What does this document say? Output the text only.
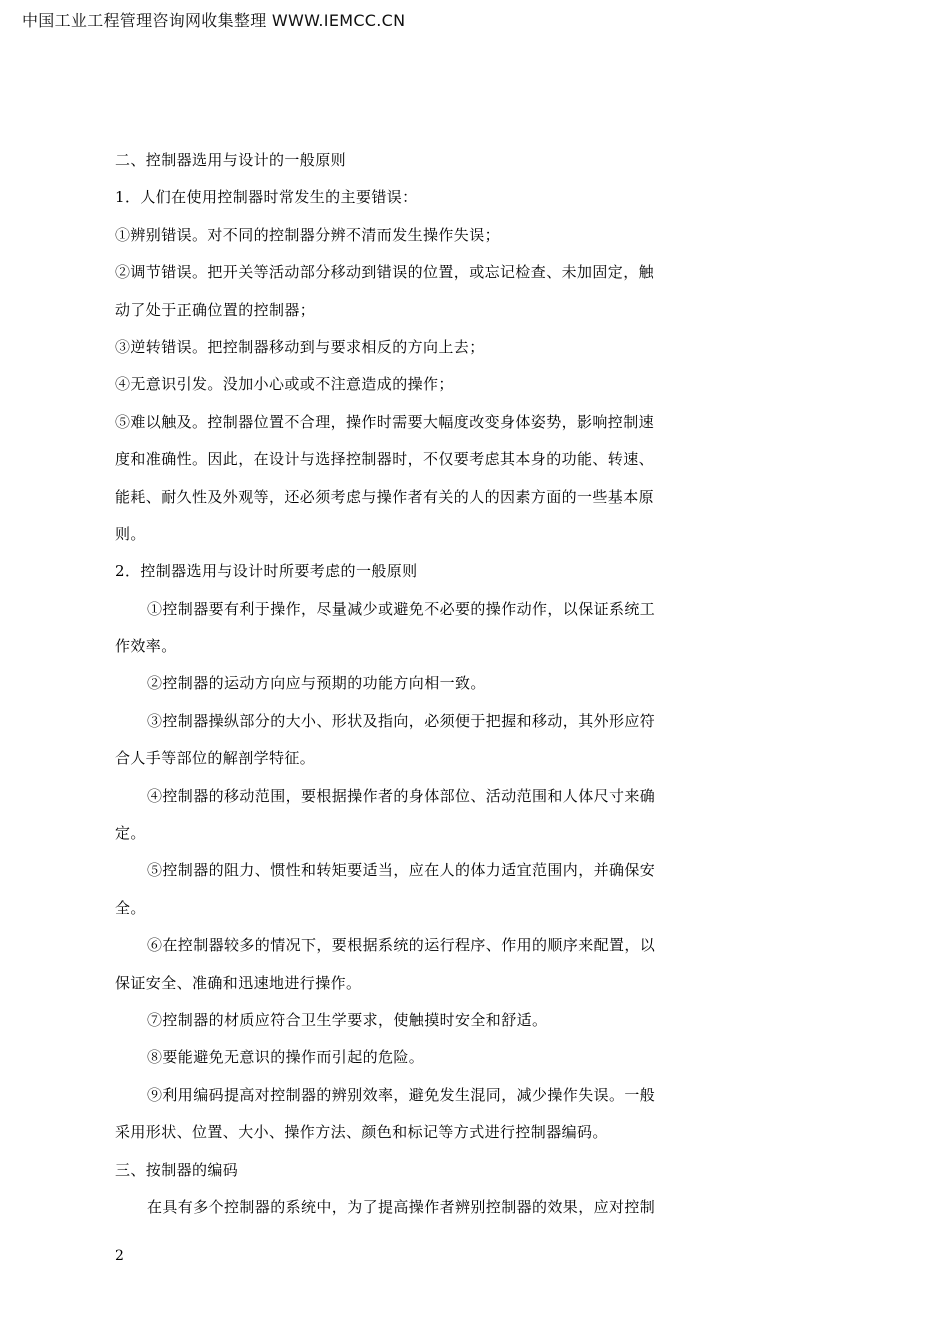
中国工业工程管理咨询网收集整理 WWW.IEMCC.CN
二、控制器选用与设计的一般原则
1．人们在使用控制器时常发生的主要错误：
①辨别错误。对不同的控制器分辨不清而发生操作失误；
②调节错误。把开关等活动部分移动到错误的位置，或忘记检查、未加固定，触
动了处于正确位置的控制器；
③逆转错误。把控制器移动到与要求相反的方向上去；
④无意识引发。没加小心或或不注意造成的操作；
⑤难以触及。控制器位置不合理，操作时需要大幅度改变身体姿势，影响控制速
度和准确性。因此，在设计与选择控制器时，不仅要考虑其本身的功能、转速、
能耗、耐久性及外观等，还必须考虑与操作者有关的人的因素方面的一些基本原
则。
2．控制器选用与设计时所要考虑的一般原则
①控制器要有利于操作，尽量减少或避免不必要的操作动作，以保证系统工
作效率。
②控制器的运动方向应与预期的功能方向相一致。
③控制器操纵部分的大小、形状及指向，必须便于把握和移动，其外形应符
合人手等部位的解剖学特征。
④控制器的移动范围，要根据操作者的身体部位、活动范围和人体尺寸来确
定。
⑤控制器的阻力、惯性和转矩要适当，应在人的体力适宜范围内，并确保安
全。
⑥在控制器较多的情况下，要根据系统的运行程序、作用的顺序来配置，以
保证安全、准确和迅速地进行操作。
⑦控制器的材质应符合卫生学要求，使触摸时安全和舒适。
⑧要能避免无意识的操作而引起的危险。
⑨利用编码提高对控制器的辨别效率，避免发生混同，减少操作失误。一般
采用形状、位置、大小、操作方法、颜色和标记等方式进行控制器编码。
三、按制器的编码
在具有多个控制器的系统中，为了提高操作者辨别控制器的效果，应对控制
2
